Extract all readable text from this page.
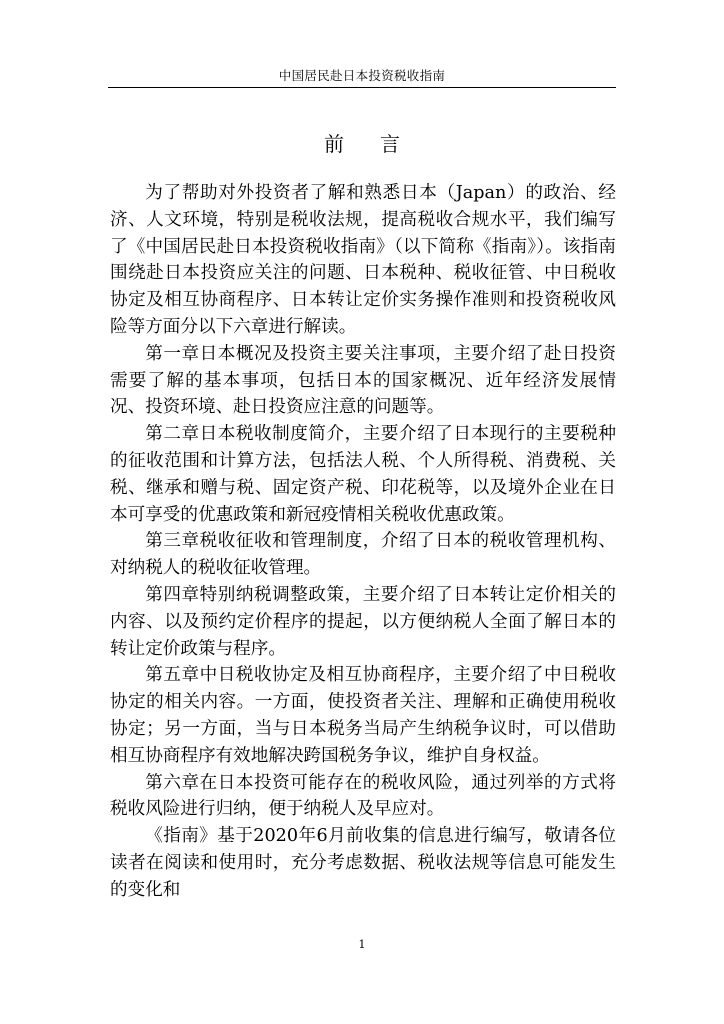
中国居民赴日本投资税收指南
前言

为了帮助对外投资者了解和熟悉日本（Japan）的政治、经济、人文环境，特别是税收法规，提高税收合规水平，我们编写了《中国居民赴日本投资税收指南》（以下简称《指南》）。该指南围绕赴日本投资应关注的问题、日本税种、税收征管、中日税收协定及相互协商程序、日本转让定价实务操作准则和投资税收风险等方面分以下六章进行解读。

第一章日本概况及投资主要关注事项，主要介绍了赴日投资需要了解的基本事项，包括日本的国家概况、近年经济发展情况、投资环境、赴日投资应注意的问题等。

第二章日本税收制度简介，主要介绍了日本现行的主要税种的征收范围和计算方法，包括法人税、个人所得税、消费税、关税、继承和赠与税、固定资产税、印花税等，以及境外企业在日本可享受的优惠政策和新冠疫情相关税收优惠政策。

第三章税收征收和管理制度，介绍了日本的税收管理机构、对纳税人的税收征收管理。

第四章特别纳税调整政策，主要介绍了日本转让定价相关的内容、以及预约定价程序的提起，以方便纳税人全面了解日本的转让定价政策与程序。

第五章中日税收协定及相互协商程序，主要介绍了中日税收协定的相关内容。一方面，使投资者关注、理解和正确使用税收协定；另一方面，当与日本税务当局产生纳税争议时，可以借助相互协商程序有效地解决跨国税务争议，维护自身权益。

第六章在日本投资可能存在的税收风险，通过列举的方式将税收风险进行归纳，便于纳税人及早应对。

《指南》基于2020年6月前收集的信息进行编写，敬请各位读者在阅读和使用时，充分考虑数据、税收法规等信息可能发生的变化和

1
